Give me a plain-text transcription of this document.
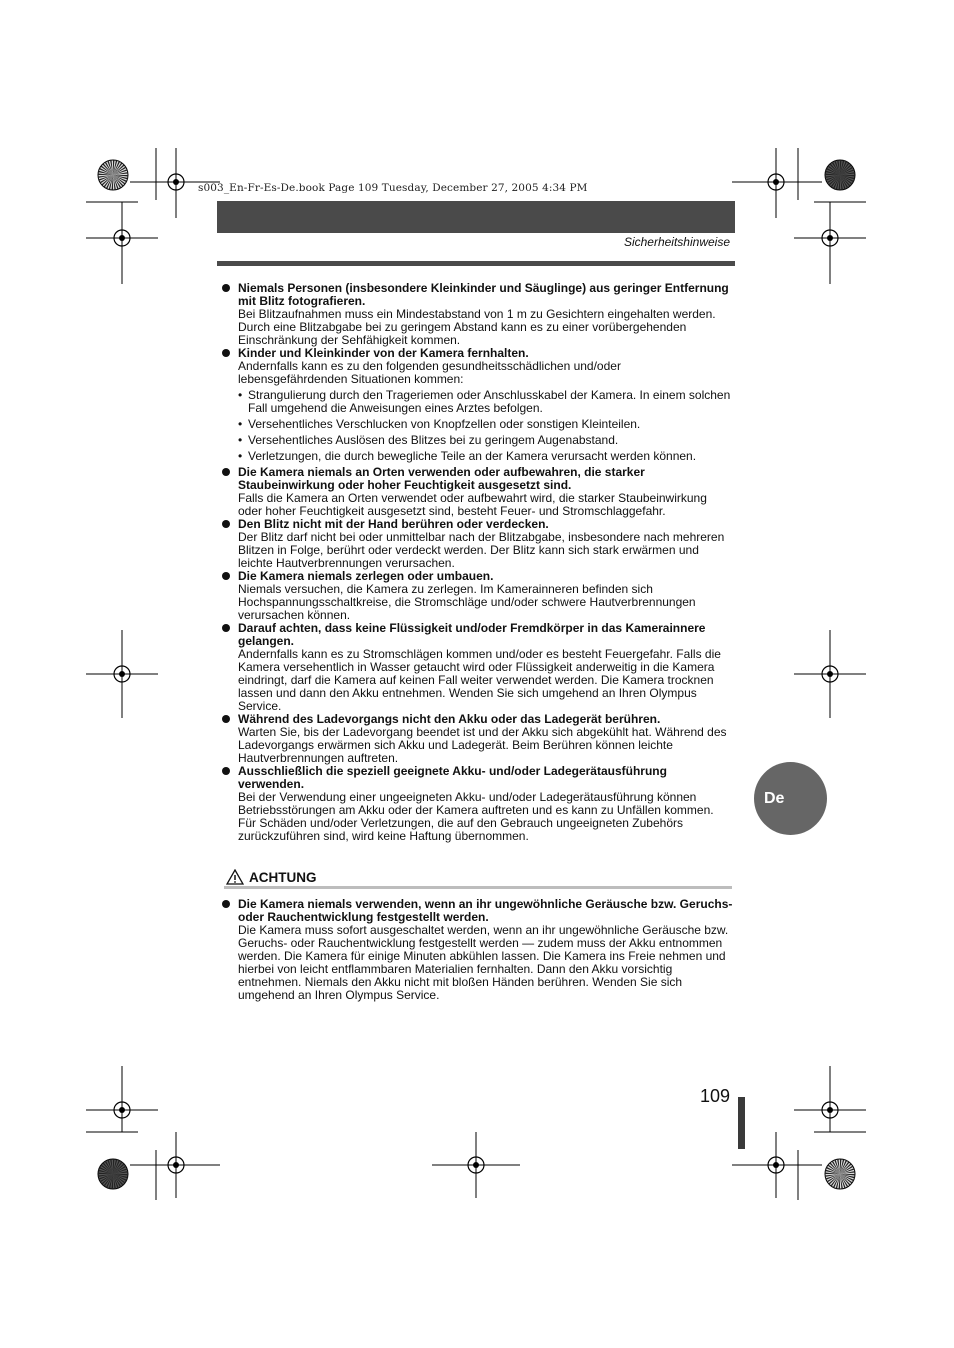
s003_En-Fr-Es-De.book Page 109 Tuesday, December 27, 2005 4:34 PM
Sicherheitshinweise
Niemals Personen (insbesondere Kleinkinder und Säuglinge) aus geringer Entfernung mit Blitz fotografieren.
Bei Blitzaufnahmen muss ein Mindestabstand von 1 m zu Gesichtern eingehalten werden. Durch eine Blitzabgabe bei zu geringem Abstand kann es zu einer vorübergehenden Einschränkung der Sehfähigkeit kommen.
Kinder und Kleinkinder von der Kamera fernhalten.
Andernfalls kann es zu den folgenden gesundheitsschädlichen und/oder lebensgefährdenden Situationen kommen:
• Strangulierung durch den Trageriemen oder Anschlusskabel der Kamera. In einem solchen Fall umgehend die Anweisungen eines Arztes befolgen.
• Versehentliches Verschlucken von Knopfzellen oder sonstigen Kleinteilen.
• Versehentliches Auslösen des Blitzes bei zu geringem Augenabstand.
• Verletzungen, die durch bewegliche Teile an der Kamera verursacht werden können.
Die Kamera niemals an Orten verwenden oder aufbewahren, die starker Staubeinwirkung oder hoher Feuchtigkeit ausgesetzt sind.
Falls die Kamera an Orten verwendet oder aufbewahrt wird, die starker Staubeinwirkung oder hoher Feuchtigkeit ausgesetzt sind, besteht Feuer- und Stromschlaggefahr.
Den Blitz nicht mit der Hand berühren oder verdecken.
Der Blitz darf nicht bei oder unmittelbar nach der Blitzabgabe, insbesondere nach mehreren Blitzen in Folge, berührt oder verdeckt werden. Der Blitz kann sich stark erwärmen und leichte Hautverbrennungen verursachen.
Die Kamera niemals zerlegen oder umbauen.
Niemals versuchen, die Kamera zu zerlegen. Im Kamerainneren befinden sich Hochspannungsschaltkreise, die Stromschläge und/oder schwere Hautverbrennungen verursachen können.
Darauf achten, dass keine Flüssigkeit und/oder Fremdkörper in das Kamerainnere gelangen.
Andernfalls kann es zu Stromschlägen kommen und/oder es besteht Feuergefahr. Falls die Kamera versehentlich in Wasser getaucht wird oder Flüssigkeit anderweitig in die Kamera eindringt, darf die Kamera auf keinen Fall weiter verwendet werden. Die Kamera trocknen lassen und dann den Akku entnehmen. Wenden Sie sich umgehend an Ihren Olympus Service.
Während des Ladevorgangs nicht den Akku oder das Ladegerät berühren.
Warten Sie, bis der Ladevorgang beendet ist und der Akku sich abgekühlt hat. Während des Ladevorgangs erwärmen sich Akku und Ladegerät. Beim Berühren können leichte Hautverbrennungen auftreten.
Ausschließlich die speziell geeignete Akku- und/oder Ladegerätausführung verwenden.
Bei der Verwendung einer ungeeigneten Akku- und/oder Ladegerätausführung können Betriebsstörungen am Akku oder der Kamera auftreten und es kann zu Unfällen kommen. Für Schäden und/oder Verletzungen, die auf den Gebrauch ungeeigneten Zubehörs zurückzuführen sind, wird keine Haftung übernommen.
ACHTUNG
Die Kamera niemals verwenden, wenn an ihr ungewöhnliche Geräusche bzw. Geruchs- oder Rauchentwicklung festgestellt werden.
Die Kamera muss sofort ausgeschaltet werden, wenn an ihr ungewöhnliche Geräusche bzw. Geruchs- oder Rauchentwicklung festgestellt werden — zudem muss der Akku entnommen werden. Die Kamera für einige Minuten abkühlen lassen. Die Kamera ins Freie nehmen und hierbei von leicht entflammbaren Materialien fernhalten. Dann den Akku vorsichtig entnehmen. Niemals den Akku nicht mit bloßen Händen berühren. Wenden Sie sich umgehend an Ihren Olympus Service.
De
109
